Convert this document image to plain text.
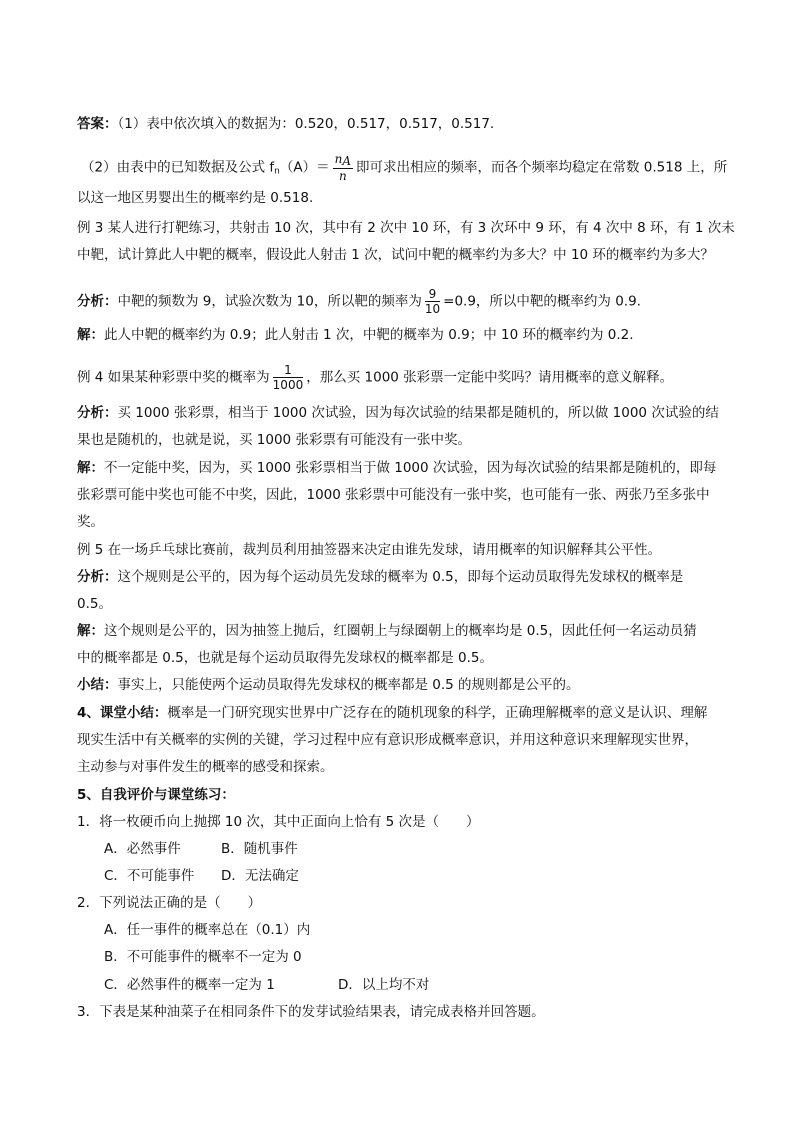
答案：（1）表中依次填入的数据为：0.520，0.517，0.517，0.517.
（2）由表中的已知数据及公式 $f_n(A)= \frac{nA}{n}$ 即可求出相应的频率，而各个频率均稳定在常数 0.518 上，所
以这一地区男婴出生的概率约是 0.518.
例 3 某人进行打靶练习，共射击 10 次，其中有 2 次中 10 环，有 3 次环中 9 环，有 4 次中 8 环，有 1 次未
中靶，试计算此人中靶的概率，假设此人射击 1 次，试问中靶的概率约为多大？中 10 环的概率约为多大？
分析：中靶的频数为 9，试验次数为 10，所以靶的频率为 $\frac{9}{10} =0.9$，所以中靶的概率约为 0.9.
解：此人中靶的概率约为 0.9；此人射击 1 次，中靶的概率为 0.9；中 10 环的概率约为 0.2.
例 4 如果某种彩票中奖的概率为 $\frac{1}{1000}$ ，那么买 1000 张彩票一定能中奖吗？请用概率的意义解释。
分析：买 1000 张彩票，相当于 1000 次试验，因为每次试验的结果都是随机的，所以做 1000 次试验的结
果也是随机的，也就是说，买 1000 张彩票有可能没有一张中奖。
解：不一定能中奖，因为，买 1000 张彩票相当于做 1000 次试验，因为每次试验的结果都是随机的，即每
张彩票可能中奖也可能不中奖，因此，1000 张彩票中可能没有一张中奖，也可能有一张、两张乃至多张中
奖。
例 5 在一场乒乓球比赛前，裁判员利用抽签器来决定由谁先发球，请用概率的知识解释其公平性。
分析：这个规则是公平的，因为每个运动员先发球的概率为 0.5，即每个运动员取得先发球权的概率是
0.5。
解：这个规则是公平的，因为抽签上抛后，红圈朝上与绿圈朝上的概率均是 0.5，因此任何一名运动员猜
中的概率都是 0.5，也就是每个运动员取得先发球权的概率都是 0.5。
小结：事实上，只能使两个运动员取得先发球权的概率都是 0.5 的规则都是公平的。
4、课堂小结：概率是一门研究现实世界中广泛存在的随机现象的科学，正确理解概率的意义是认识、理解
现实生活中有关概率的实例的关键，学习过程中应有意识形成概率意识，并用这种意识来理解现实世界，
主动参与对事件发生的概率的感受和探索。
5、自我评价与课堂练习：
1．将一枚硬币向上抛掷 10 次，其中正面向上恰有 5 次是（　　）
A．必然事件	B．随机事件
C．不可能事件 D．无法确定
2．下列说法正确的是（　　）
A．任一事件的概率总在（0.1）内
B．不可能事件的概率不一定为 0
C．必然事件的概率一定为 1	D．以上均不对
3．下表是某种油菜子在相同条件下的发芽试验结果表，请完成表格并回答题。
